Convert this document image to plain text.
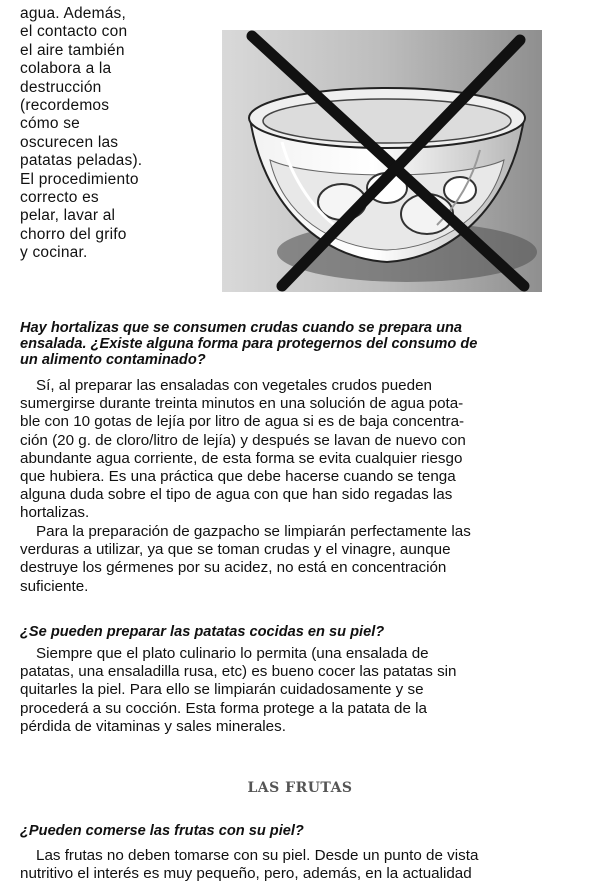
agua. Además,
el contacto con
el aire también
colabora a la
destrucción
(recordemos
cómo se
oscurecen las
patatas peladas).
El procedimiento
correcto es
pelar, lavar al
chorro del grifo
y cocinar.
Hay hortalizas que se consumen crudas cuando se prepara una
ensalada. ¿Existe alguna forma para protegernos del consumo de
un alimento contaminado?
Sí, al preparar las ensaladas con vegetales crudos pueden
sumergirse durante treinta minutos en una solución de agua pota-
ble con 10 gotas de lejía por litro de agua si es de baja concentra-
ción (20 g. de cloro/litro de lejía) y después se lavan de nuevo con
abundante agua corriente, de esta forma se evita cualquier riesgo
que hubiera. Es una práctica que debe hacerse cuando se tenga
alguna duda sobre el tipo de agua con que han sido regadas las
hortalizas.
Para la preparación de gazpacho se limpiarán perfectamente las
verduras a utilizar, ya que se toman crudas y el vinagre, aunque
destruye los gérmenes por su acidez, no está en concentración
suficiente.
¿Se pueden preparar las patatas cocidas en su piel?
Siempre que el plato culinario lo permita (una ensalada de
patatas, una ensaladilla rusa, etc) es bueno cocer las patatas sin
quitarles la piel. Para ello se limpiarán cuidadosamente y se
procederá a su cocción. Esta forma protege a la patata de la
pérdida de vitaminas y sales minerales.
LAS FRUTAS
¿Pueden comerse las frutas con su piel?
Las frutas no deben tomarse con su piel. Desde un punto de vista
nutritivo el interés es muy pequeño, pero, además, en la actualidad
